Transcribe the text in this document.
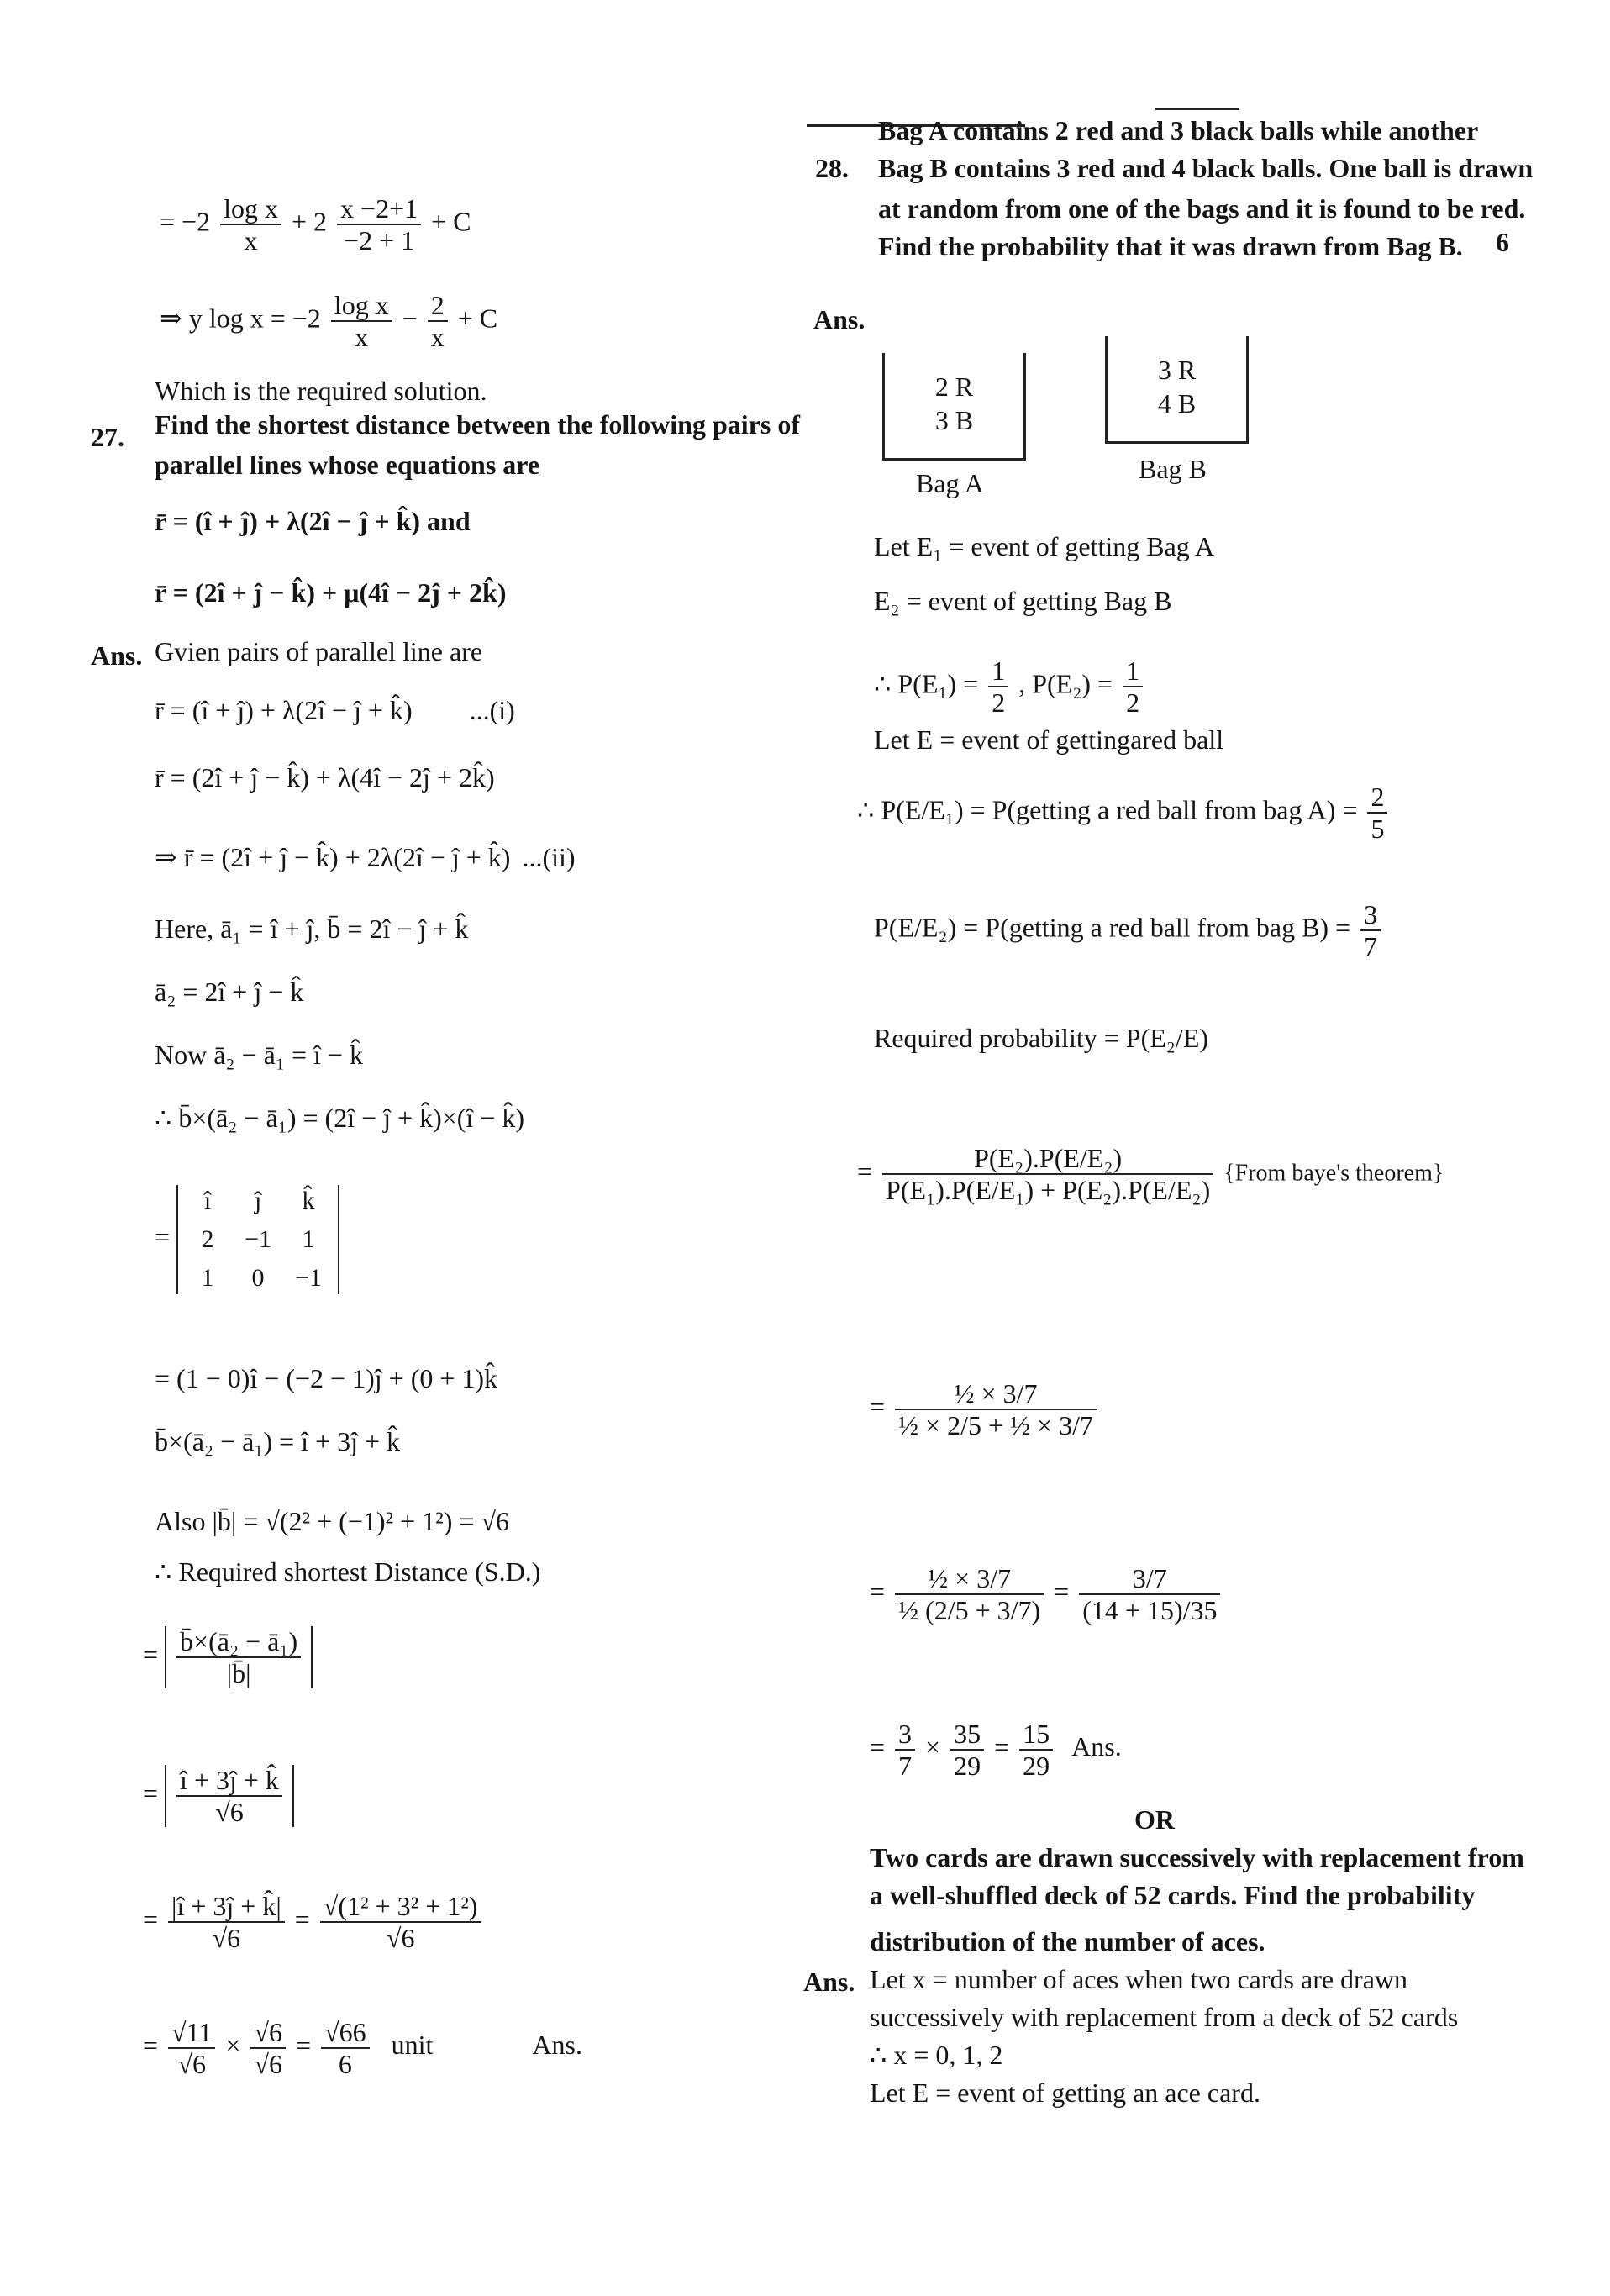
= $-2 \frac{\text{log x}}{x} + 2 \frac{x -2+1}{-2 + 1} + C$
⇒ y $\log x = -2 \frac{\text{log x}}{x} - \frac{2}{x} + C$
Which is the required solution.
27. Find the shortest distance between the following pairs of
parallel lines whose equations are
r̄ = (î + ĵ) + λ(2î − ĵ + k̂) and
r̄ = (2î + ĵ − k̂) + μ(4î − 2ĵ + 2k̂)
Ans. Gvien pairs of parallel line are
r̄ = (î + ĵ) + λ(2î − ĵ + k̂) ...(i)
r̄ = (2î + ĵ − k̂) + λ(4î − 2ĵ + 2k̂)
⇒ r̄ = (2î + ĵ − k̂) + 2λ(2î − ĵ + k̂) ...(ii)
Here, ā₁ = î + ĵ, b̄ = 2î − ĵ + k̂
ā₂ = 2î + ĵ − k̂
Now ā₂ − ā₁ = î − k̂
∴ b̄×(ā₂ − ā₁) = (2î − ĵ + k̂)×(î − k̂)
=
î	ĵ	k̂
2	−1	1
1	0	−1
= (1 − 0)î − (−2 − 1)ĵ + (0 + 1)k̂
b̄×(ā₂ − ā₁) = î + 3ĵ + k̂
Also |b̄| = √(2² + (−1)² + 1²) = √6
∴ Required shortest Distance (S.D.)
= $\frac{\text{b̄×(ā₂ − ā₁)}}{|b̄|}$
= $\frac{î + 3ĵ + k̂}{√6}$
= $\frac{|î + 3ĵ + k̂|}{√6} = \frac{\text{√(1² + 3² + 1²)}}{√6}$
= $\frac{√11}{√6} \times \frac{√6}{√6} = \frac{√66}{6}$ unit	Ans.
28.
Bag A contains 2 red and 3 black balls while another
Bag B contains 3 red and 4 black balls. One ball is drawn
at random from one of the bags and it is found to be red.
Find the probability that it was drawn from Bag B. 6
Ans.
2 R
3 B
Bag A
3 R
4 B
Bag B
Let E₁ = event of getting Bag A
E₂ = event of getting Bag B
∴ $P(E_1) = \frac{1}{2}$ , $P(E_2) = \frac{1}{2}$
Let E = event of gettingared ball
∴ P(E/E₁) = P(getting a red ball from bag $A) = \frac{2}{5}$
P(E/E₂) = P(getting a red ball from bag $B) = \frac{3}{7}$
Required probability = P(E₂/E)
= $\frac{\text{P(E₂).P(E/E₂)}}{\text{P(E₁).P(E/E₁) + P(E₂).P(E/E₂)}}$ {From baye's theorem}
= $\frac{\text{½ × 3/7}}{\text{½ × 2/5 + ½ × 3/7}}$
= $\frac{\text{½ × 3/7}}{\text{½ (2/5 + 3/7)}} = \frac{3/7}{(14 + 15)/35}$
= $\frac{3}{7} \times \frac{35}{29} = \frac{15}{29}$ Ans.
OR
Two cards are drawn successively with replacement from
a well-shuffled deck of 52 cards. Find the probability
distribution of the number of aces.
Ans. Let x = number of aces when two cards are drawn
successively with replacement from a deck of 52 cards
∴ x = 0, 1, 2
Let E = event of getting an ace card.
